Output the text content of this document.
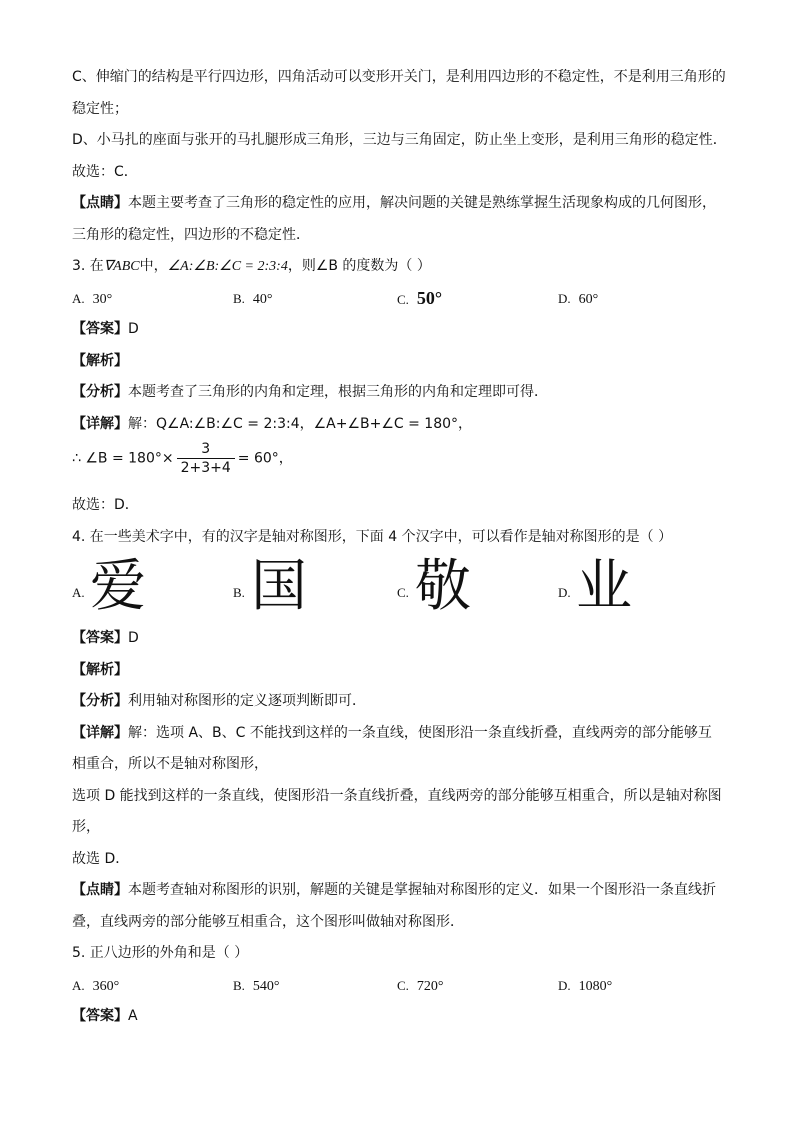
C、伸缩门的结构是平行四边形，四角活动可以变形开关门，是利用四边形的不稳定性，不是利用三角形的
稳定性；
D、小马扎的座面与张开的马扎腿形成三角形，三边与三角固定，防止坐上变形，是利用三角形的稳定性．
故选：C．
【点睛】本题主要考查了三角形的稳定性的应用，解决问题的关键是熟练掌握生活现象构成的几何图形，
三角形的稳定性，四边形的不稳定性．
3. 在∇ABC中，∠A:∠B:∠C = 2:3:4，则∠B 的度数为（ ）
A. 30°	B. 40°	C. 50°	D. 60°
【答案】D
【解析】
【分析】本题考查了三角形的内角和定理，根据三角形的内角和定理即可得．
【详解】解：Q∠A:∠B:∠C = 2:3:4，∠A+∠B+∠C = 180°，
∴ ∠B = $180^\circ\times \frac{3}{2+3+4} = 60^\circ$，
故选：D．
4. 在一些美术字中，有的汉字是轴对称图形，下面 4 个汉字中，可以看作是轴对称图形的是（ ）
A. 爱	B. 国	C. 敬	D. 业
【答案】D
【解析】
【分析】利用轴对称图形的定义逐项判断即可．
【详解】解：选项 A、B、C 不能找到这样的一条直线，使图形沿一条直线折叠，直线两旁的部分能够互
相重合，所以不是轴对称图形，
选项 D 能找到这样的一条直线，使图形沿一条直线折叠，直线两旁的部分能够互相重合，所以是轴对称图
形，
故选 D．
【点睛】本题考查轴对称图形的识别，解题的关键是掌握轴对称图形的定义．如果一个图形沿一条直线折
叠，直线两旁的部分能够互相重合，这个图形叫做轴对称图形．
5. 正八边形的外角和是（ ）
A. 360°	B. 540°	C. 720°	D. 1080°
【答案】A
